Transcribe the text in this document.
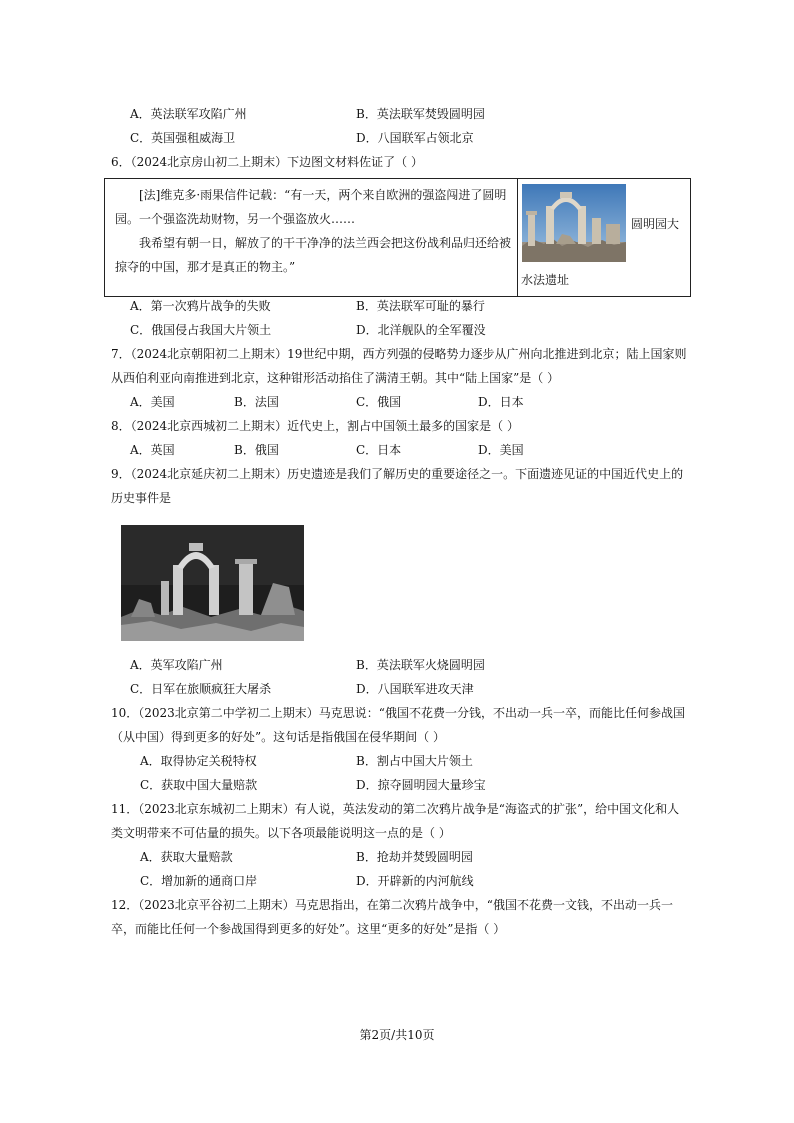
A．英法联军攻陷广州	B．英法联军焚毁圆明园
C．英国强租威海卫	D．八国联军占领北京
6．（2024北京房山初二上期末）下边图文材料佐证了（ ）

[法]维克多·雨果信件记载：“有一天，两个来自欧洲的强盗闯进了圆明园。一个强盗洗劫财物，另一个强盗放火……

我希望有朝一日，解放了的干干净净的法兰西会把这份战利品归还给被掠夺的中国，那才是真正的物主。”

圆明园大
水法遗址
A．第一次鸦片战争的失败	B．英法联军可耻的暴行
C．俄国侵占我国大片领土	D．北洋舰队的全军覆没
7．（2024北京朝阳初二上期末）19世纪中期，西方列强的侵略势力逐步从广州向北推进到北京；陆上国家则从西伯利亚向南推进到北京，这种钳形活动掐住了满清王朝。其中“陆上国家”是（ ）
A．美国	B．法国	C．俄国	D．日本
8．（2024北京西城初二上期末）近代史上，割占中国领土最多的国家是（ ）
A．英国	B．俄国	C．日本	D．美国
9．（2024北京延庆初二上期末）历史遗迹是我们了解历史的重要途径之一。下面遗迹见证的中国近代史上的历史事件是
A．英军攻陷广州	B．英法联军火烧圆明园
C．日军在旅顺疯狂大屠杀	D．八国联军进攻天津
10．（2023北京第二中学初二上期末）马克思说：“俄国不花费一分钱，不出动一兵一卒，而能比任何参战国（从中国）得到更多的好处”。这句话是指俄国在侵华期间（ ）
A．取得协定关税特权	B．割占中国大片领土
C．获取中国大量赔款	D．掠夺圆明园大量珍宝
11．（2023北京东城初二上期末）有人说，英法发动的第二次鸦片战争是“海盗式的扩张”，给中国文化和人类文明带来不可估量的损失。以下各项最能说明这一点的是（ ）
A．获取大量赔款	B．抢劫并焚毁圆明园
C．增加新的通商口岸	D．开辟新的内河航线
12．（2023北京平谷初二上期末）马克思指出，在第二次鸦片战争中，“俄国不花费一文钱，不出动一兵一卒，而能比任何一个参战国得到更多的好处”。这里“更多的好处”是指（ ）
第2页/共10页
